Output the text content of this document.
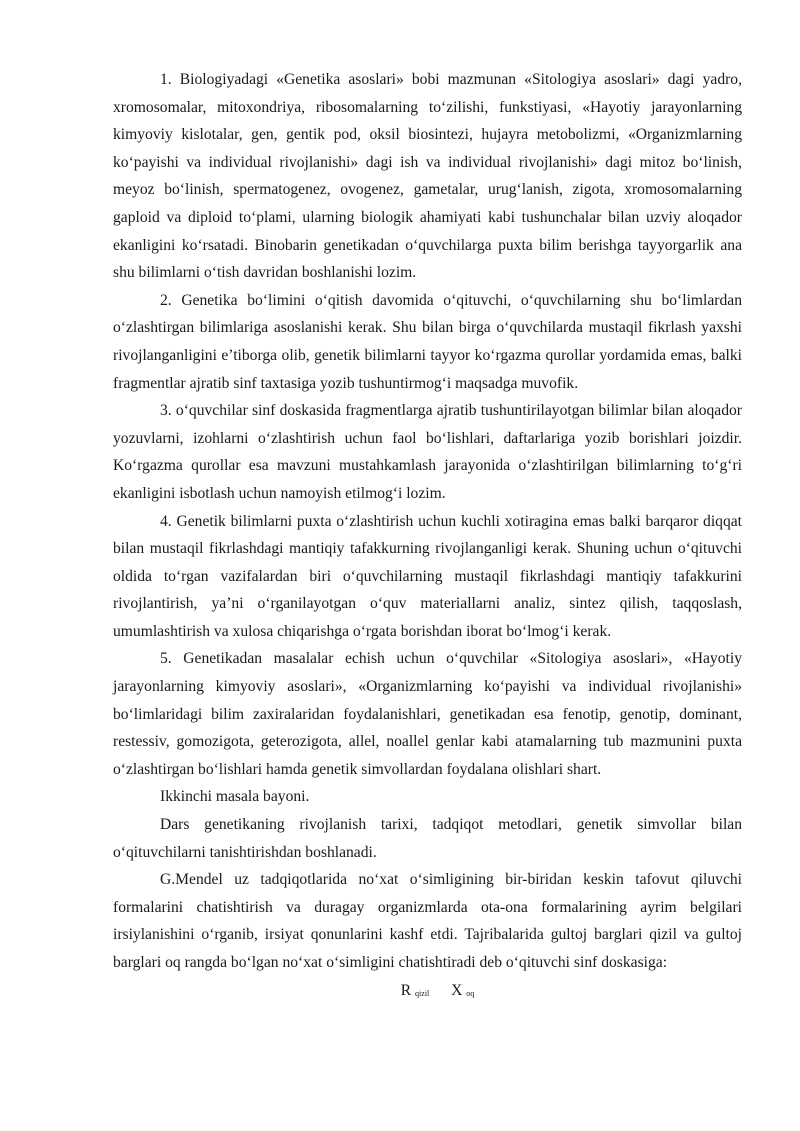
1. Biologiyadagi «Genetika asoslari» bobi mazmunan «Sitologiya asoslari» dagi yadro, xromosomalar, mitoxondriya, ribosomalarning to‘zilishi, funkstiyasi, «Hayotiy jarayonlarning kimyoviy kislotalar, gen, gentik pod, oksil biosintezi, hujayra metobolizmi, «Organizmlarning ko‘payishi va individual rivojlanishi» dagi ish va individual rivojlanishi» dagi mitoz bo‘linish, meyoz bo‘linish, spermatogenez, ovogenez, gametalar, urug‘lanish, zigota, xromosomalarning gaploid va diploid to‘plami, ularning biologik ahamiyati kabi tushunchalar bilan uzviy aloqador ekanligini ko‘rsatadi. Binobarin genetikadan o‘quvchilarga puxta bilim berishga tayyorgarlik ana shu bilimlarni o‘tish davridan boshlanishi lozim.

2. Genetika bo‘limini o‘qitish davomida o‘qituvchi, o‘quvchilarning shu bo‘limlardan o‘zlashtirgan bilimlariga asoslanishi kerak. Shu bilan birga o‘quvchilarda mustaqil fikrlash yaxshi rivojlanganligini e’tiborga olib, genetik bilimlarni tayyor ko‘rgazma qurollar yordamida emas, balki fragmentlar ajratib sinf taxtasiga yozib tushuntirmog‘i maqsadga muvofik.

3. o‘quvchilar sinf doskasida fragmentlarga ajratib tushuntirilayotgan bilimlar bilan aloqador yozuvlarni, izohlarni o‘zlashtirish uchun faol bo‘lishlari, daftarlariga yozib borishlari joizdir. Ko‘rgazma qurollar esa mavzuni mustahkamlash jarayonida o‘zlashtirilgan bilimlarning to‘g‘ri ekanligini isbotlash uchun namoyish etilmog‘i lozim.

4. Genetik bilimlarni puxta o‘zlashtirish uchun kuchli xotiragina emas balki barqaror diqqat bilan mustaqil fikrlashdagi mantiqiy tafakkurning rivojlanganligi kerak. Shuning uchun o‘qituvchi oldida to‘rgan vazifalardan biri o‘quvchilarning mustaqil fikrlashdagi mantiqiy tafakkurini rivojlantirish, ya’ni o‘rganilayotgan o‘quv materiallarni analiz, sintez qilish, taqqoslash, umumlashtirish va xulosa chiqarishga o‘rgata borishdan iborat bo‘lmog‘i kerak.

5. Genetikadan masalalar echish uchun o‘quvchilar «Sitologiya asoslari», «Hayotiy jarayonlarning kimyoviy asoslari», «Organizmlarning ko‘payishi va individual rivojlanishi» bo‘limlaridagi bilim zaxiralaridan foydalanishlari, genetikadan esa fenotip, genotip, dominant, restessiv, gomozigota, geterozigota, allel, noallel genlar kabi atamalarning tub mazmunini puxta o‘zlashtirgan bo‘lishlari hamda genetik simvollardan foydalana olishlari shart.

Ikkinchi masala bayoni.

Dars genetikaning rivojlanish tarixi, tadqiqot metodlari, genetik simvollar bilan o‘qituvchilarni tanishtirishdan boshlanadi.

G.Mendel uz tadqiqotlarida no‘xat o‘simligining bir-biridan keskin tafovut qiluvchi formalarini chatishtirish va duragay organizmlarda ota-ona formalarining ayrim belgilari irsiylanishini o‘rganib, irsiyat qonunlarini kashf etdi. Tajribalarida gultoj barglari qizil va gultoj barglari oq rangda bo‘lgan no‘xat o‘simligini chatishtiradi deb o‘qituvchi sinf doskasiga:

R qizil X oq
